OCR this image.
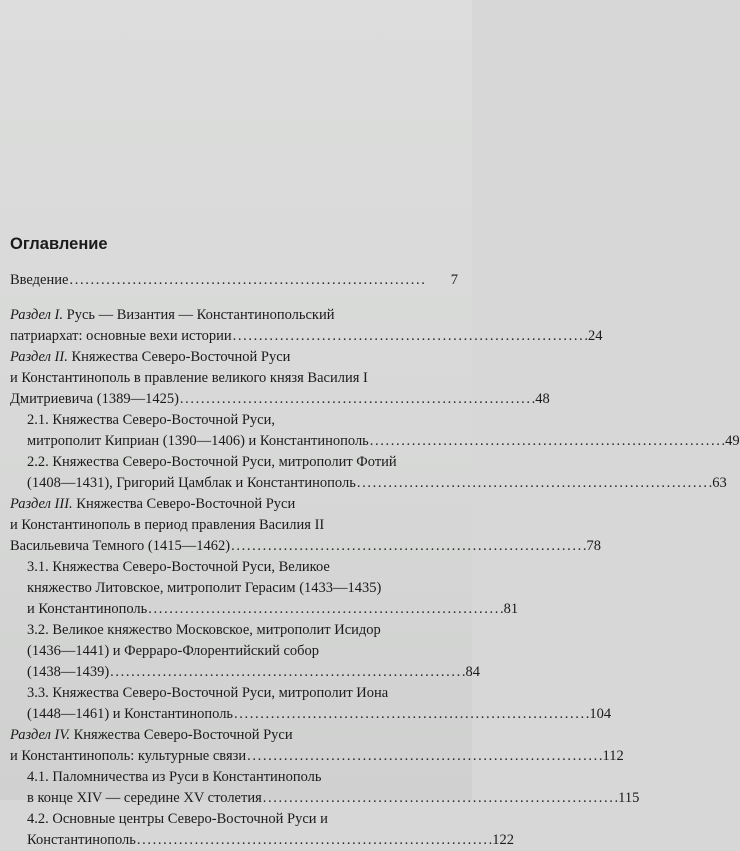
Оглавление
Введение . . .	7
Раздел I. Русь — Византия — Константинопольский
патриархат: основные вехи истории . . .	24
Раздел II. Княжества Северо-Восточной Руси
и Константинополь в правление великого князя Василия I
Дмитриевича (1389—1425) . . .	48
2.1. Княжества Северо-Восточной Руси,
митрополит Киприан (1390—1406) и Константинополь . . .	49
2.2. Княжества Северо-Восточной Руси, митрополит Фотий
(1408—1431), Григорий Цамблак и Константинополь . . .	63
Раздел III. Княжества Северо-Восточной Руси
и Константинополь в период правления Василия II
Васильевича Темного (1415—1462) . . .	78
3.1. Княжества Северо-Восточной Руси, Великое
княжество Литовское, митрополит Герасим (1433—1435)
и Константинополь . . .	81
3.2. Великое княжество Московское, митрополит Исидор
(1436—1441) и Ферраро-Флорентийский собор
(1438—1439) . . .	84
3.3. Княжества Северо-Восточной Руси, митрополит Иона
(1448—1461) и Константинополь . . .	104
Раздел IV. Княжества Северо-Восточной Руси
и Константинополь: культурные связи . . .	112
4.1. Паломничества из Руси в Константинополь
в конце XIV — середине XV столетия . . .	115
4.2. Основные центры Северо-Восточной Руси и
Константинополь . . .	122
